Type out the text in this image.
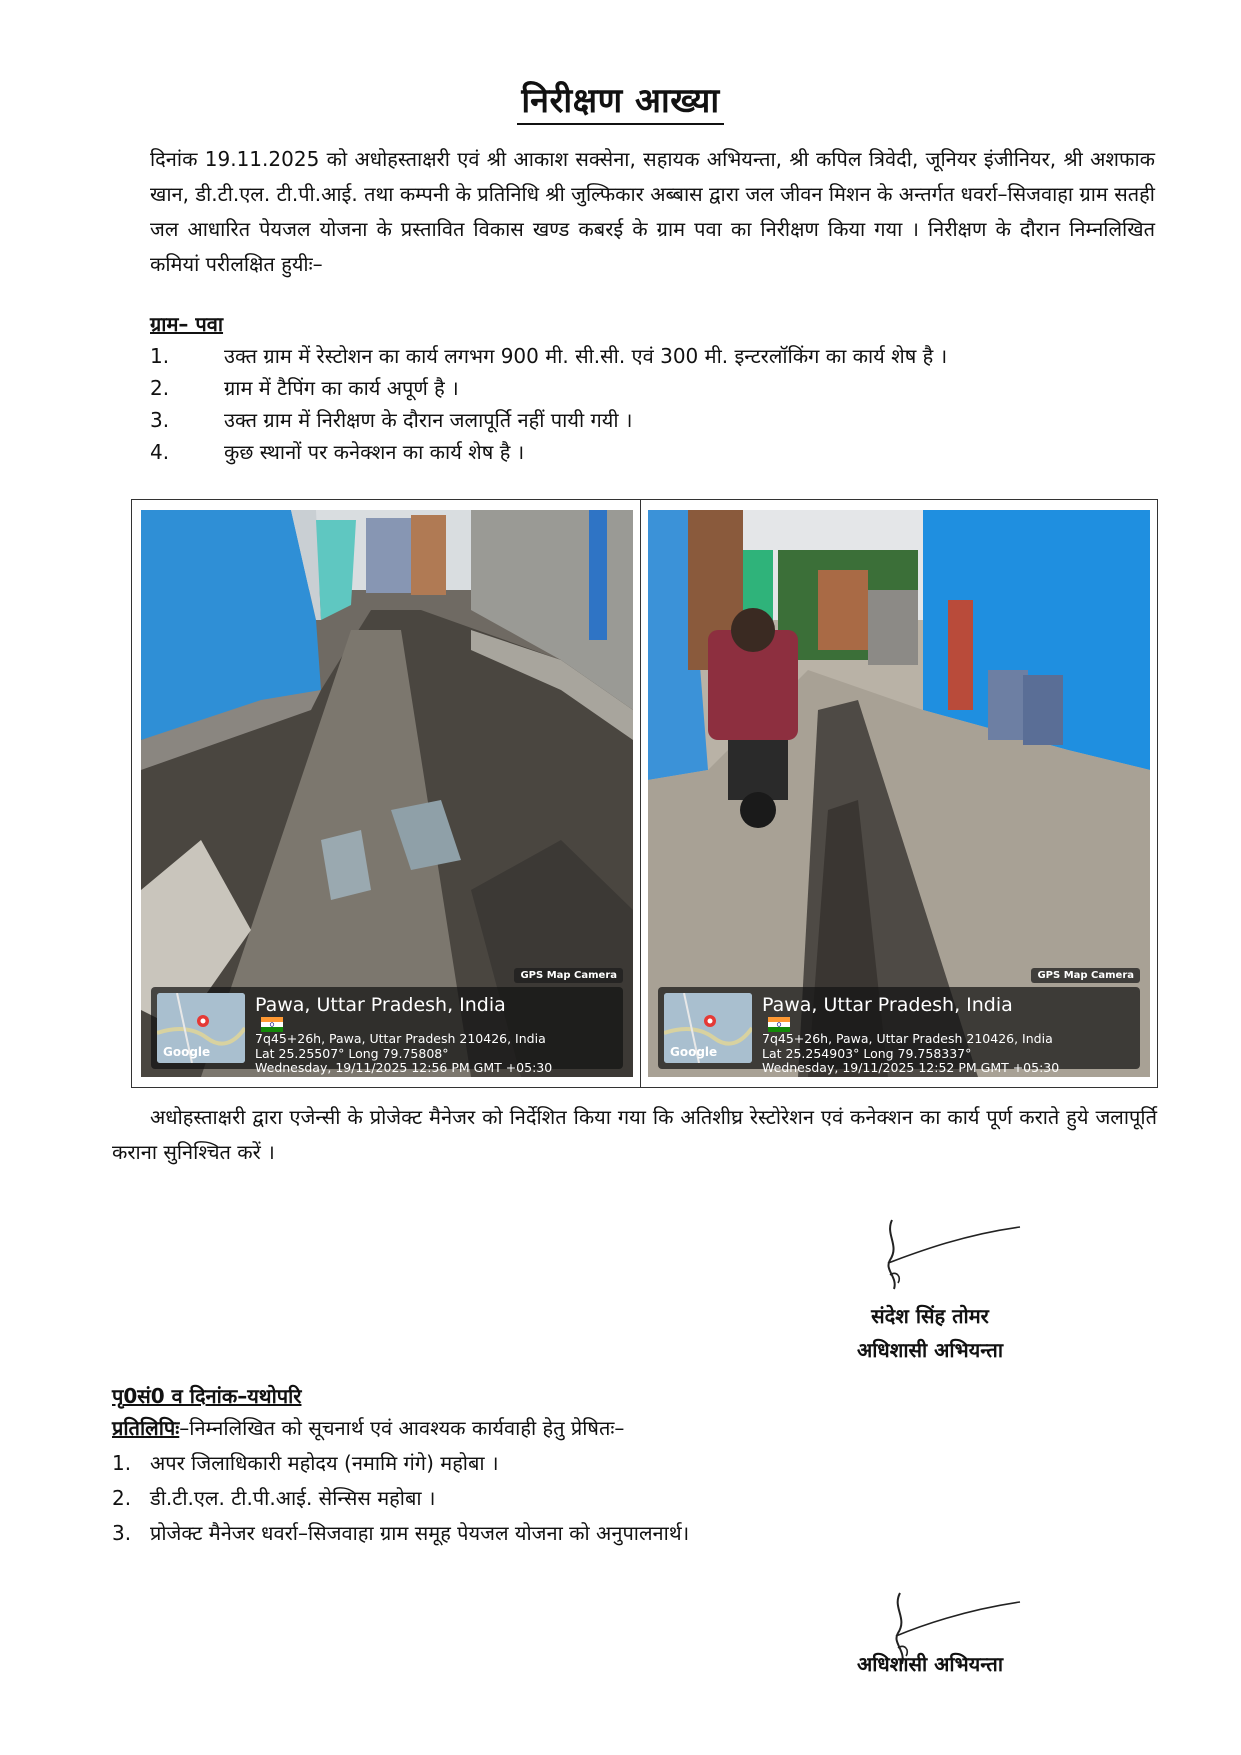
निरीक्षण आख्या
दिनांक 19.11.2025 को अधोहस्ताक्षरी एवं श्री आकाश सक्सेना, सहायक अभियन्ता, श्री कपिल त्रिवेदी, जूनियर इंजीनियर, श्री अशफाक खान, डी.टी.एल. टी.पी.आई. तथा कम्पनी के प्रतिनिधि श्री जुल्फिकार अब्बास द्वारा जल जीवन मिशन के अन्तर्गत धवर्रा–सिजवाहा ग्राम सतही जल आधारित पेयजल योजना के प्रस्तावित विकास खण्ड कबरई के ग्राम पवा का निरीक्षण किया गया । निरीक्षण के दौरान निम्नलिखित कमियां परीलक्षित हुयीः–
ग्राम– पवा
1.	उक्त ग्राम में रेस्टोशन का कार्य लगभग 900 मी. सी.सी. एवं 300 मी. इन्टरलॉकिंग का कार्य शेष है ।
2.	ग्राम में टैपिंग का कार्य अपूर्ण है ।
3.	उक्त ग्राम में निरीक्षण के दौरान जलापूर्ति नहीं पायी गयी ।
4.	कुछ स्थानों पर कनेक्शन का कार्य शेष है ।
GPS Map Camera
Google
Pawa, Uttar Pradesh, India
7q45+26h, Pawa, Uttar Pradesh 210426, India
Lat 25.25507° Long 79.75808°
Wednesday, 19/11/2025 12:56 PM GMT +05:30
GPS Map Camera
Google
Pawa, Uttar Pradesh, India
7q45+26h, Pawa, Uttar Pradesh 210426, India
Lat 25.254903° Long 79.758337°
Wednesday, 19/11/2025 12:52 PM GMT +05:30
अधोहस्ताक्षरी द्वारा एजेन्सी के प्रोजेक्ट मैनेजर को निर्देशित किया गया कि अतिशीघ्र रेस्टोरेशन एवं कनेक्शन का कार्य पूर्ण कराते हुये जलापूर्ति कराना सुनिश्चित करें ।
संदेश सिंह तोमर
अधिशासी अभियन्ता
पृ0सं0 व दिनांक–यथोपरि
प्रतिलिपिः–निम्नलिखित को सूचनार्थ एवं आवश्यक कार्यवाही हेतु प्रेषितः–
1. अपर जिलाधिकारी महोदय (नमामि गंगे) महोबा ।
2. डी.टी.एल. टी.पी.आई. सेन्सिस महोबा ।
3. प्रोजेक्ट मैनेजर धवर्रा–सिजवाहा ग्राम समूह पेयजल योजना को अनुपालनार्थ।
अधिशासी अभियन्ता
